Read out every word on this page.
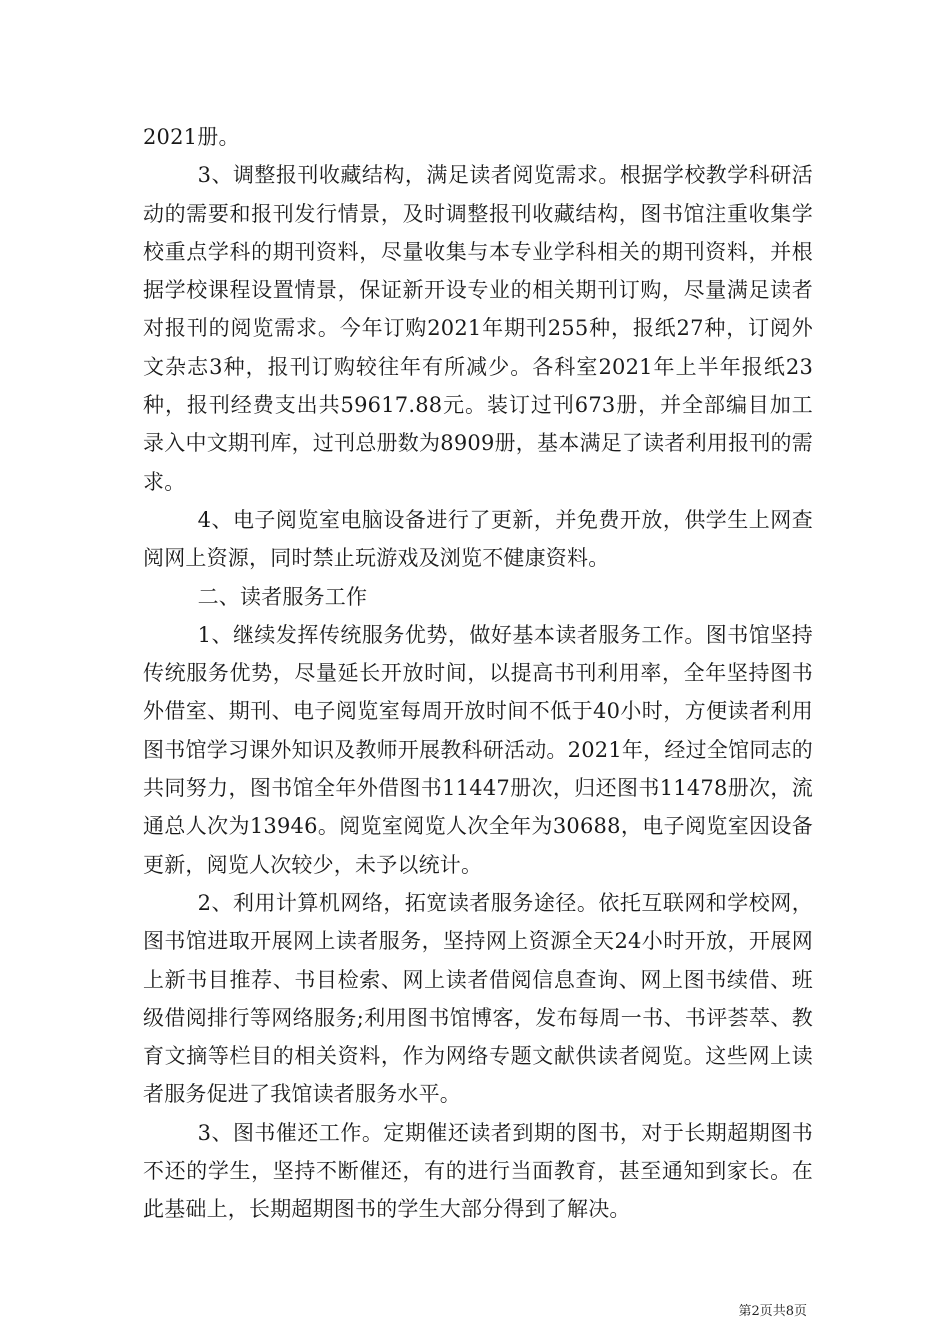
2021册。

3、调整报刊收藏结构，满足读者阅览需求。根据学校教学科研活动的需要和报刊发行情景，及时调整报刊收藏结构，图书馆注重收集学校重点学科的期刊资料，尽量收集与本专业学科相关的期刊资料，并根据学校课程设置情景，保证新开设专业的相关期刊订购，尽量满足读者对报刊的阅览需求。今年订购2021年期刊255种，报纸27种，订阅外文杂志3种，报刊订购较往年有所减少。各科室2021年上半年报纸23种，报刊经费支出共59617.88元。装订过刊673册，并全部编目加工录入中文期刊库，过刊总册数为8909册，基本满足了读者利用报刊的需求。

4、电子阅览室电脑设备进行了更新，并免费开放，供学生上网查阅网上资源，同时禁止玩游戏及浏览不健康资料。

二、读者服务工作

1、继续发挥传统服务优势，做好基本读者服务工作。图书馆坚持传统服务优势，尽量延长开放时间，以提高书刊利用率，全年坚持图书外借室、期刊、电子阅览室每周开放时间不低于40小时，方便读者利用图书馆学习课外知识及教师开展教科研活动。2021年，经过全馆同志的共同努力，图书馆全年外借图书11447册次，归还图书11478册次，流通总人次为13946。阅览室阅览人次全年为30688，电子阅览室因设备更新，阅览人次较少，未予以统计。

2、利用计算机网络，拓宽读者服务途径。依托互联网和学校网，图书馆进取开展网上读者服务，坚持网上资源全天24小时开放，开展网上新书目推荐、书目检索、网上读者借阅信息查询、网上图书续借、班级借阅排行等网络服务;利用图书馆博客，发布每周一书、书评荟萃、教育文摘等栏目的相关资料，作为网络专题文献供读者阅览。这些网上读者服务促进了我馆读者服务水平。

3、图书催还工作。定期催还读者到期的图书，对于长期超期图书不还的学生，坚持不断催还，有的进行当面教育，甚至通知到家长。在此基础上，长期超期图书的学生大部分得到了解决。

第2页共8页
